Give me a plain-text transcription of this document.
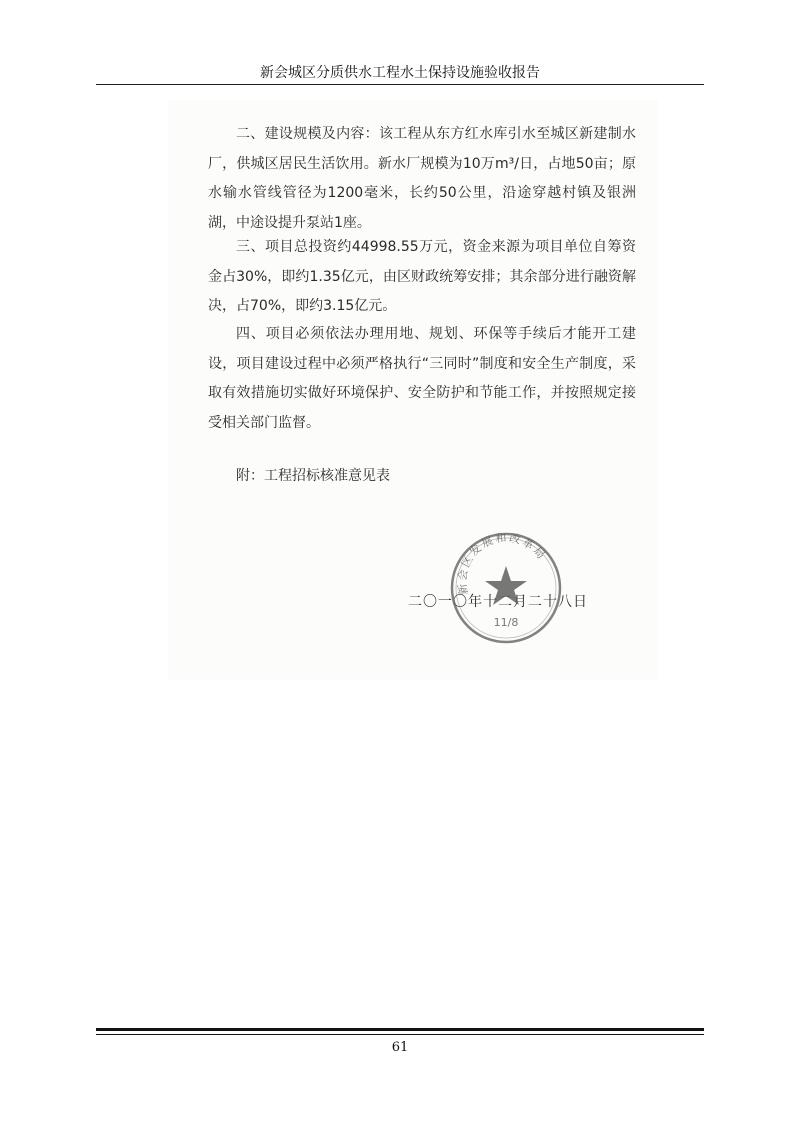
新会城区分质供水工程水土保持设施验收报告

二、建设规模及内容：该工程从东方红水库引水至城区新建制水厂，供城区居民生活饮用。新水厂规模为10万m³/日，占地50亩；原水输水管线管径为1200毫米，长约50公里，沿途穿越村镇及银洲湖，中途设提升泵站1座。

三、项目总投资约44998.55万元，资金来源为项目单位自筹资金占30%，即约1.35亿元，由区财政统筹安排；其余部分进行融资解决，占70%，即约3.15亿元。

四、项目必须依法办理用地、规划、环保等手续后才能开工建设，项目建设过程中必须严格执行“三同时”制度和安全生产制度，采取有效措施切实做好环境保护、安全防护和节能工作，并按照规定接受相关部门监督。

附：工程招标核准意见表

二〇一〇年十二月二十八日
新会区发展和改革局
11/8
61
